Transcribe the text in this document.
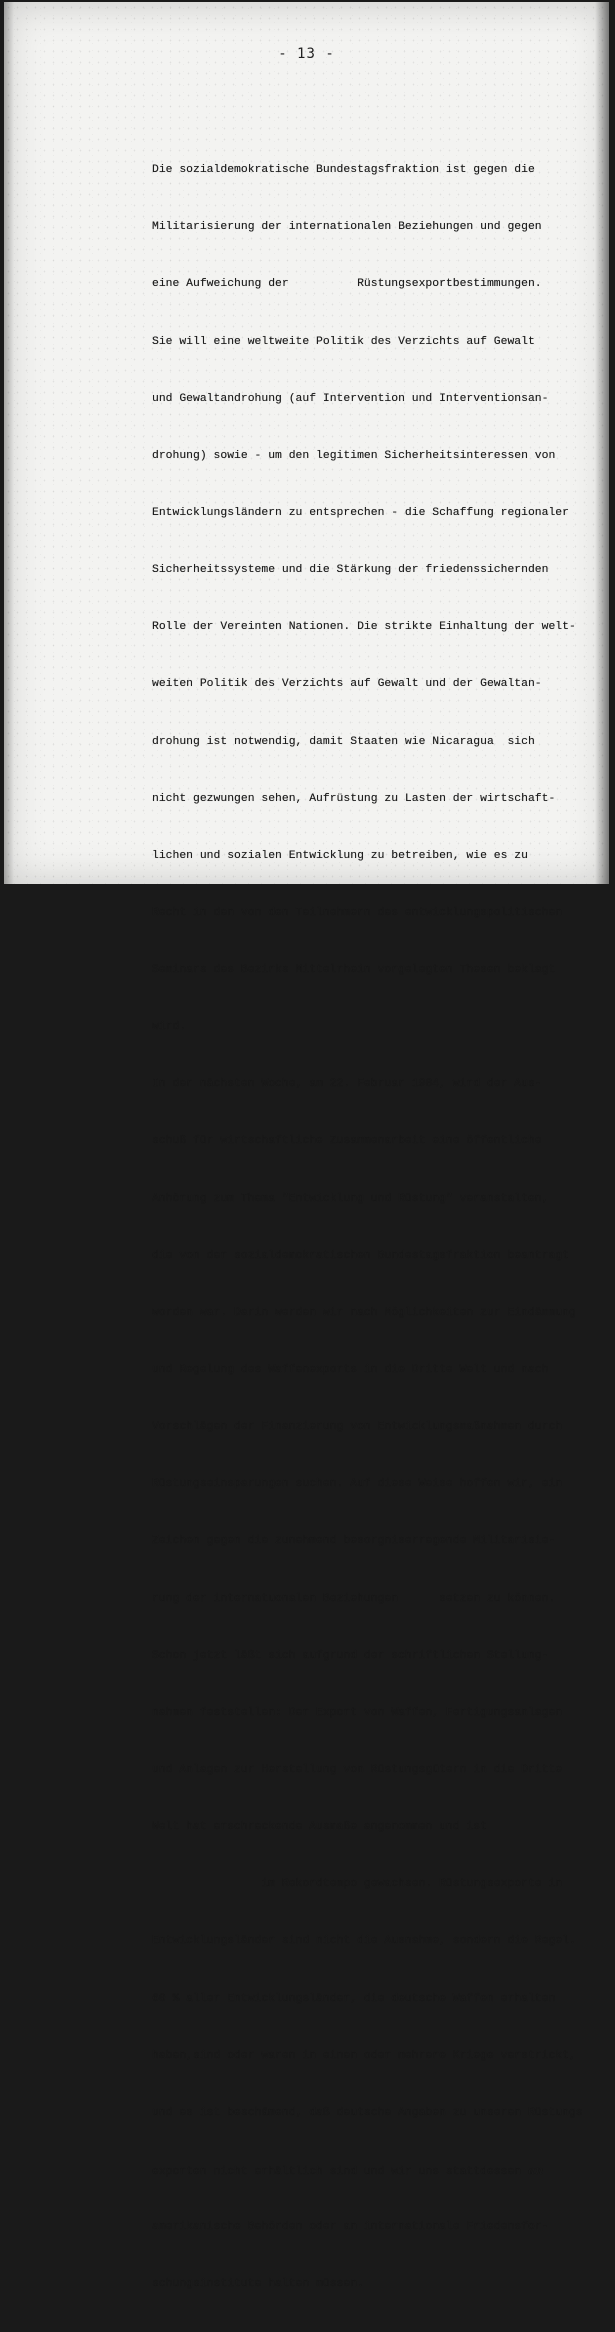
- 13 -

Die sozialdemokratische Bundestagsfraktion ist gegen die

Militarisierung der internationalen Beziehungen und gegen

eine Aufweichung der          Rüstungsexportbestimmungen.

Sie will eine weltweite Politik des Verzichts auf Gewalt

und Gewaltandrohung (auf Intervention und Interventionsan-

drohung) sowie - um den legitimen Sicherheitsinteressen von

Entwicklungsländern zu entsprechen - die Schaffung regionaler

Sicherheitssysteme und die Stärkung der friedenssichernden

Rolle der Vereinten Nationen. Die strikte Einhaltung der welt-

weiten Politik des Verzichts auf Gewalt und der Gewaltan-

drohung ist notwendig, damit Staaten wie Nicaragua  sich

nicht gezwungen sehen, Aufrüstung zu Lasten der wirtschaft-

lichen und sozialen Entwicklung zu betreiben, wie es zu

Recht in den von den Teilnehmern des entwicklungspolitischen

Seminars des Bezirks Mittelrhein vorgelegten Thesen beklagt

wird.

In der nächsten Woche, am 22. Februar 1984, wird der Aus-

schuß für wirtschaftliche Zusammenarbeit eine öffentliche

Anhörung zum Thema "Entwicklung und Rüstung" veranstalten,

die von der sozialdemokratischen Bundestagsfraktion beantragt

worden war. Darin werden wir nach Möglichkeiten zur Eindämmung

und Regelung des Waffenexports in die Dritte Welt und nach

Vorschlägen der Finanzierung von Entwicklungsmaßnahmen durch

Rüstungseinsparungen suchen. Auf diese Weise hoffen wir, ein

Zeichen gegen die zunehmend besorgniserregende Militarisie-

rung der internatuonalen Beziehungen      setzen zu können.

Schon jetzt läßt sich aufgrund der schriftlichen Stellung-

nahmen feststellen: Der Export von Waffen, Fertigungsanlagen

und Anlagen zur Herstellung von Rüstungsgütern in die Dritte

Welt hat erschreckende Ausmaße angenommen und ist

im Rekordtempo gewachsen. Rüstungsexporte in

Entwicklungsländer sind nicht die Ausnahme, sondern die Regel.

60 % aller Entwicklungsländer, die deutsche Waffen erhalten

haben,sind oder waren in einen oder mehrere Kriege verstrickt,

und es ist beschämend, daß deutsche Angaben zu unseren Rüstungs

exporten nicht erhältlich sind und wir uns stattdessen an

amerikanische Behörden oder an internationale Friedensfor-

schungsinstitute halten müssen.
